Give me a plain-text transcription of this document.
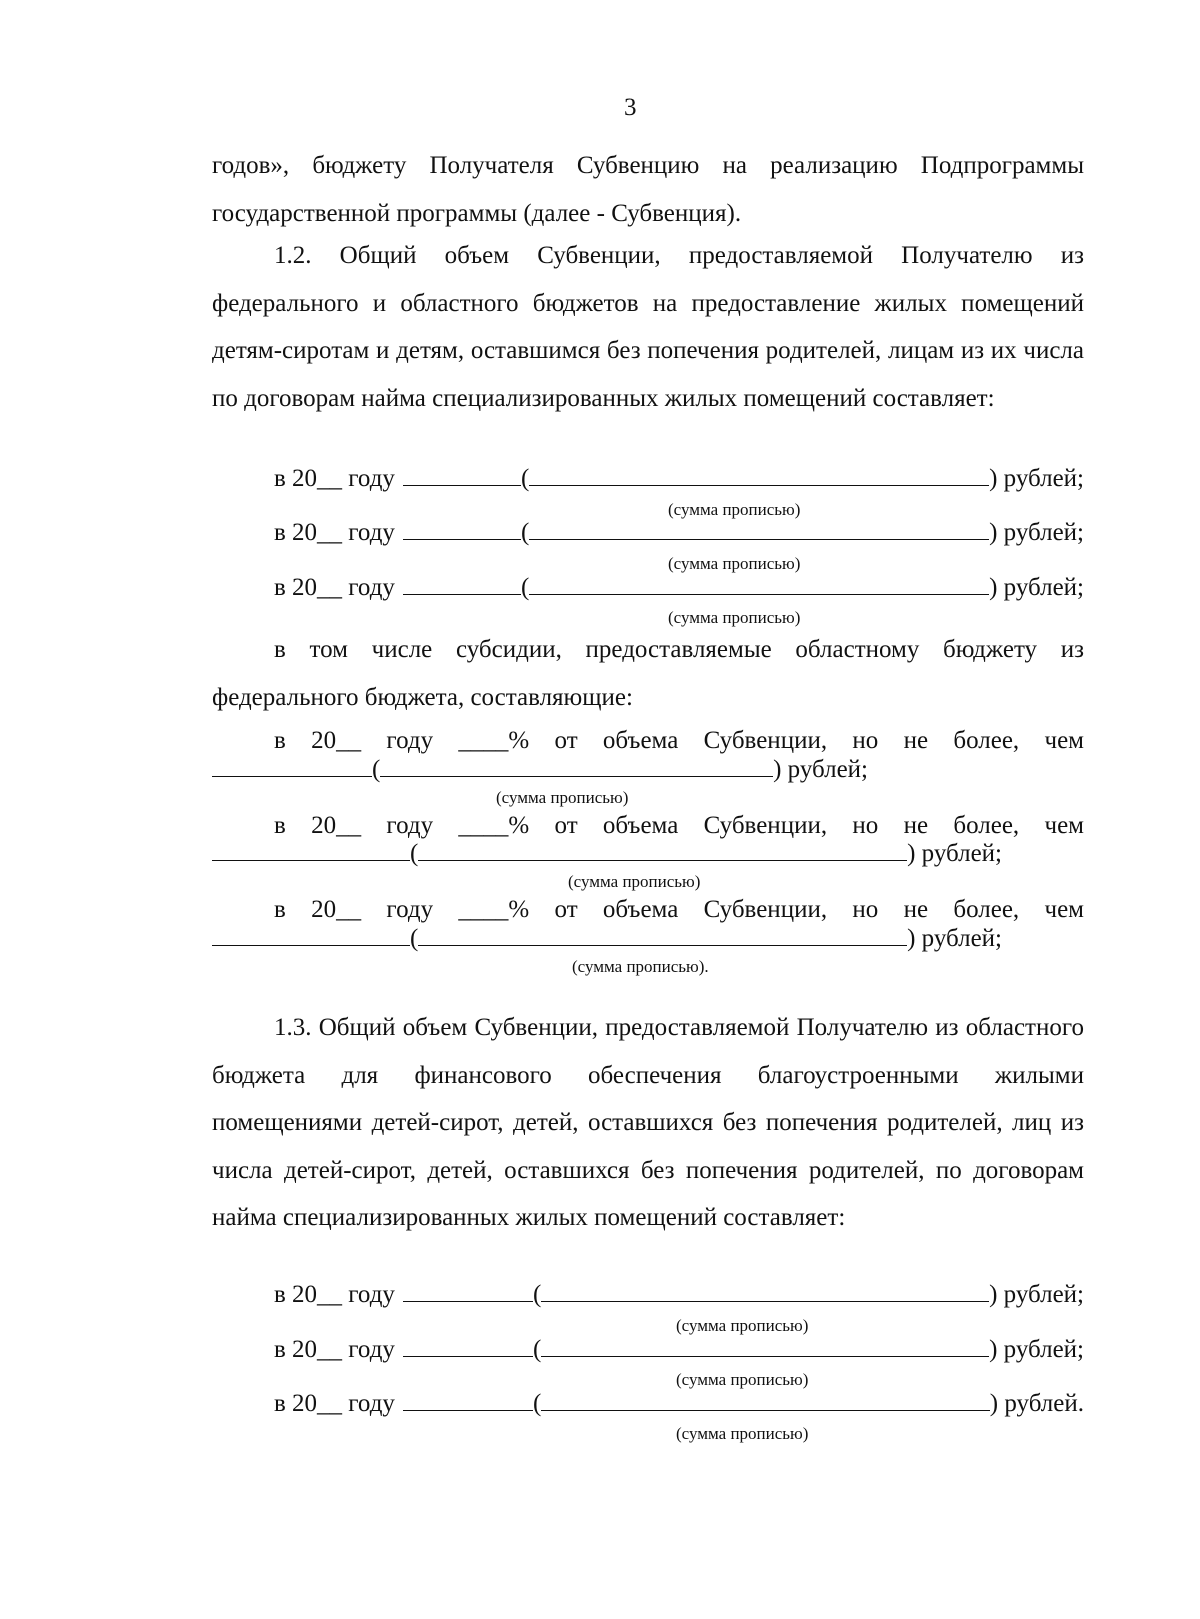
3
годов», бюджету Получателя Субвенцию на реализацию Подпрограммы государственной программы (далее - Субвенция).
1.2. Общий объем Субвенции, предоставляемой Получателю из федерального и областного бюджетов на предоставление жилых помещений детям-сиротам и детям, оставшимся без попечения родителей, лицам из их числа по договорам найма специализированных жилых помещений составляет:
в 20__ году	(	) рублей;
(сумма прописью)
в 20__ году	(	) рублей;
(сумма прописью)
в 20__ году	(	) рублей;
(сумма прописью)
в том числе субсидии, предоставляемые областному бюджету из федерального бюджета, составляющие:
в 20__ году ____% от объема Субвенции, но не более, чем
(	) рублей;
(сумма прописью)
в 20__ году ____% от объема Субвенции, но не более, чем
(	) рублей;
(сумма прописью)
в 20__ году ____% от объема Субвенции, но не более, чем
(	) рублей;
(сумма прописью).
1.3. Общий объем Субвенции, предоставляемой Получателю из областного бюджета для финансового обеспечения благоустроенными жилыми помещениями детей-сирот, детей, оставшихся без попечения родителей, лиц из числа детей-сирот, детей, оставшихся без попечения родителей, по договорам найма специализированных жилых помещений составляет:
в 20__ году	(	) рублей;
(сумма прописью)
в 20__ году	(	) рублей;
(сумма прописью)
в 20__ году	(	) рублей.
(сумма прописью)
